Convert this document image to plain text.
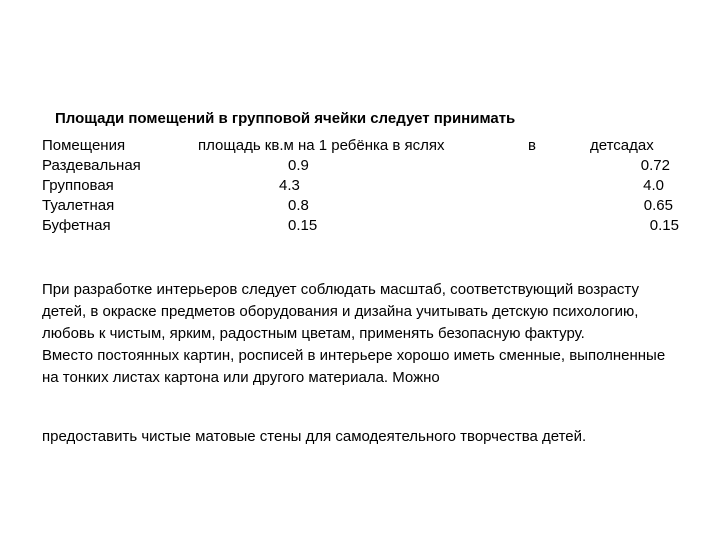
Площади помещений в групповой ячейки следует принимать
Помещения	площадь кв.м на 1 ребёнка в яслях	в	детсадах
Раздевальная	0.9	0.72
Групповая	4.3	4.0
Туалетная	0.8	0.65
Буфетная	0.15	0.15

При разработке интерьеров следует соблюдать масштаб, соответствующий возрасту детей, в окраске предметов оборудования и дизайна учитывать детскую психологию, любовь к чистым, ярким, радостным цветам, применять безопасную фактуру.

Вместо постоянных картин, росписей в интерьере хорошо иметь сменные, выполненные на тонких листах картона или другого материала. Можно

предоставить чистые матовые стены для самодеятельного творчества детей.
